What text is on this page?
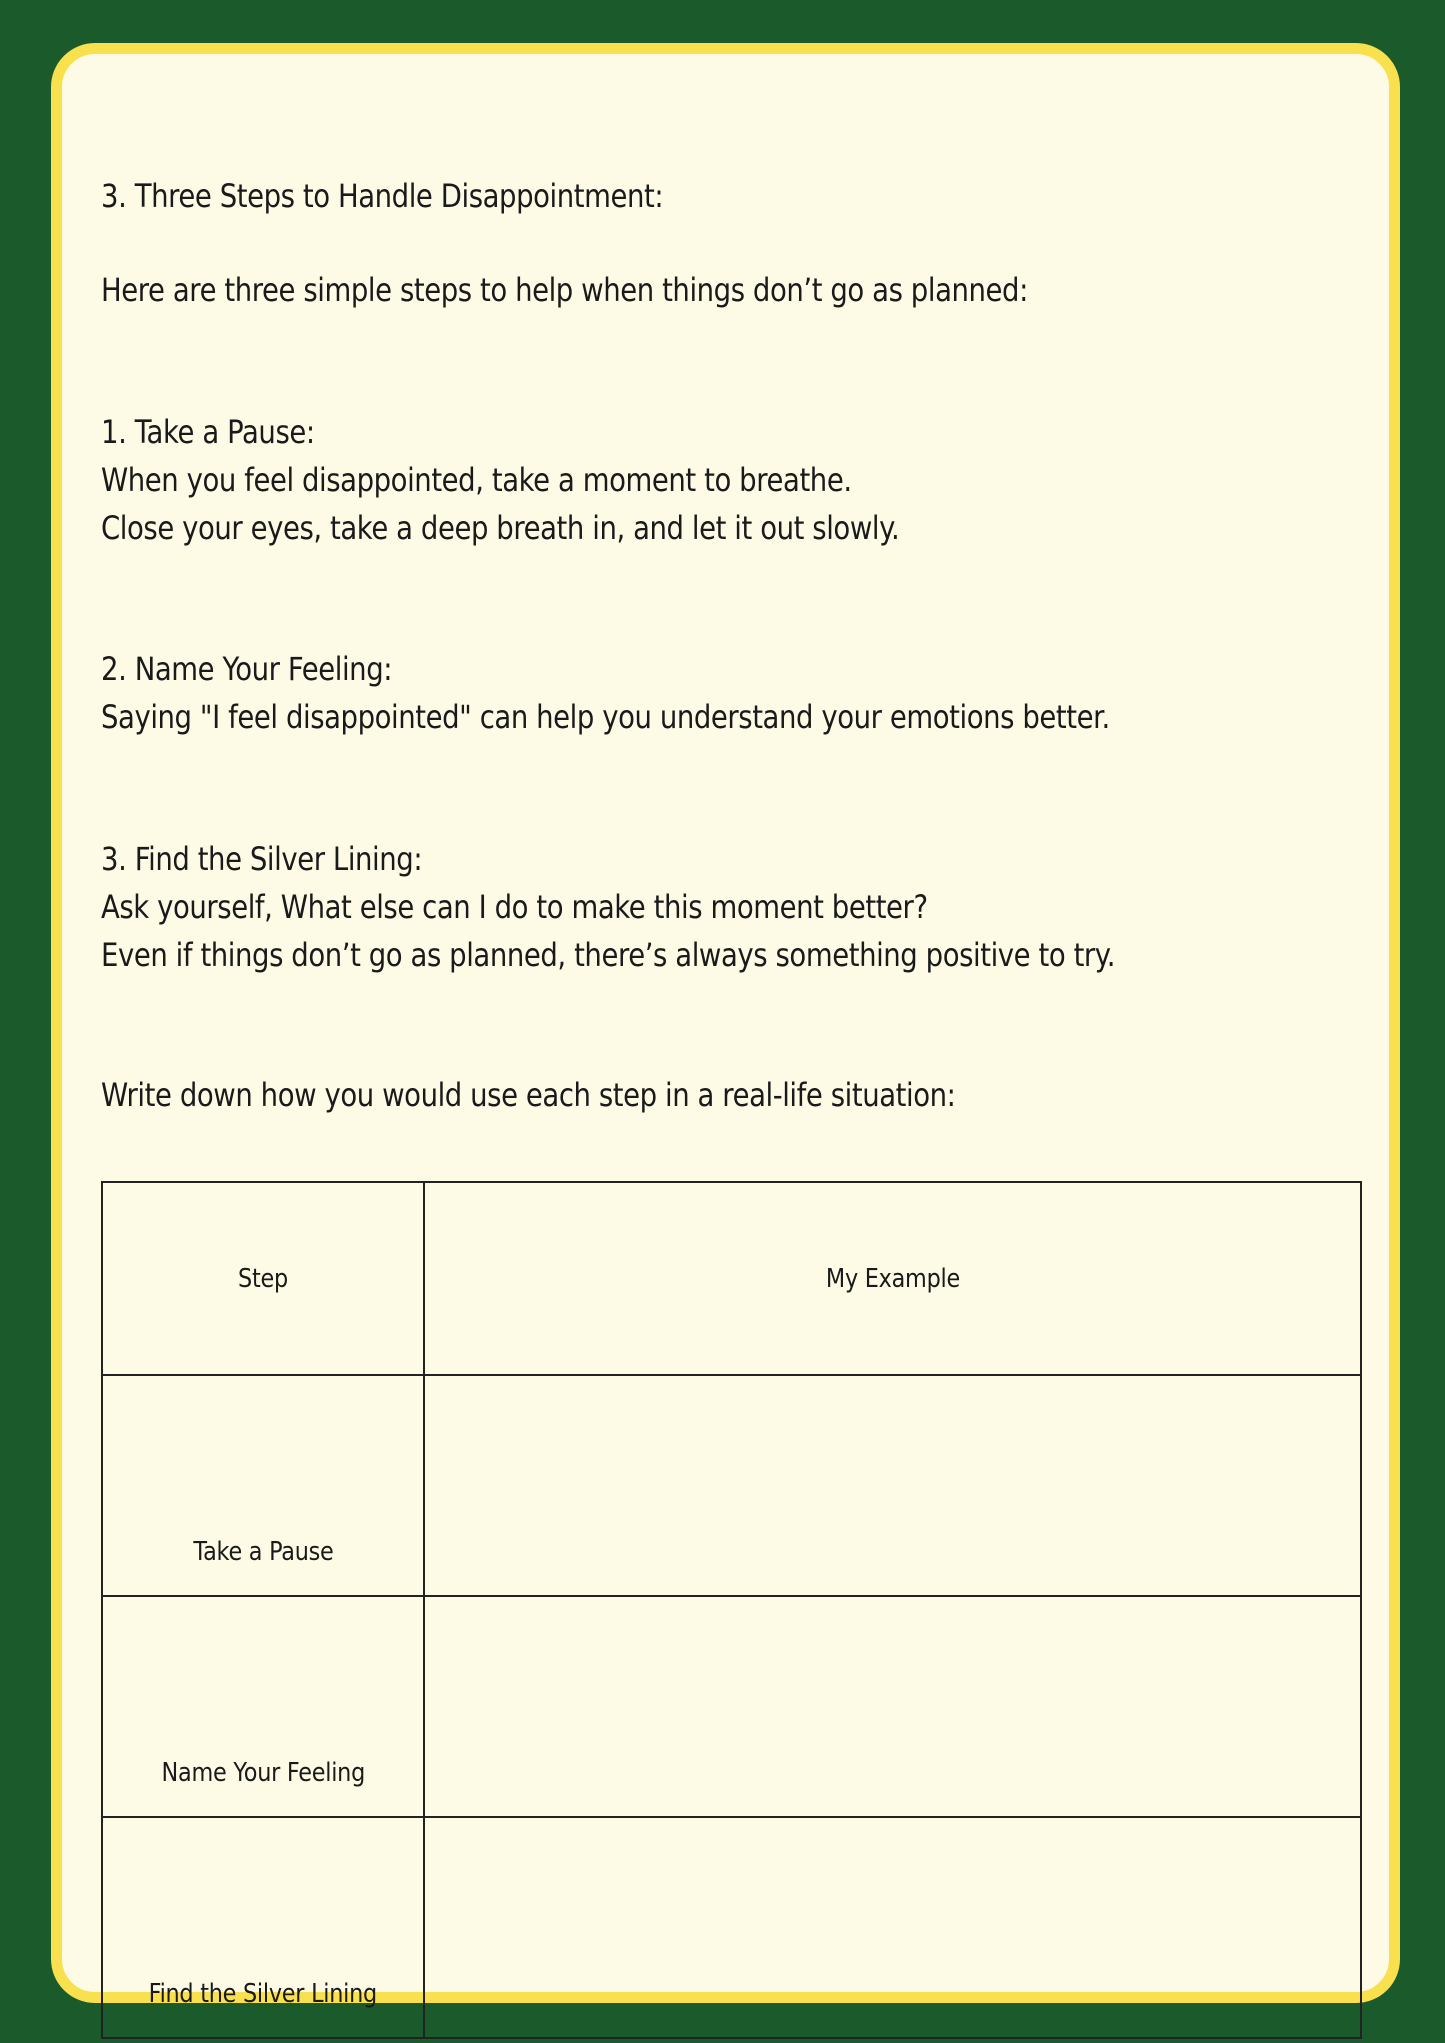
3. Three Steps to Handle Disappointment:

Here are three simple steps to help when things don’t go as planned:

1. Take a Pause:
When you feel disappointed, take a moment to breathe.
Close your eyes, take a deep breath in, and let it out slowly.
2. Name Your Feeling:
Saying "I feel disappointed" can help you understand your emotions better.
3. Find the Silver Lining:
Ask yourself, What else can I do to make this moment better?
Even if things don’t go as planned, there’s always something positive to try.

Write down how you would use each step in a real-life situation:

Step	My Example
Take a Pause	
Name Your Feeling	
Find the Silver Lining	
